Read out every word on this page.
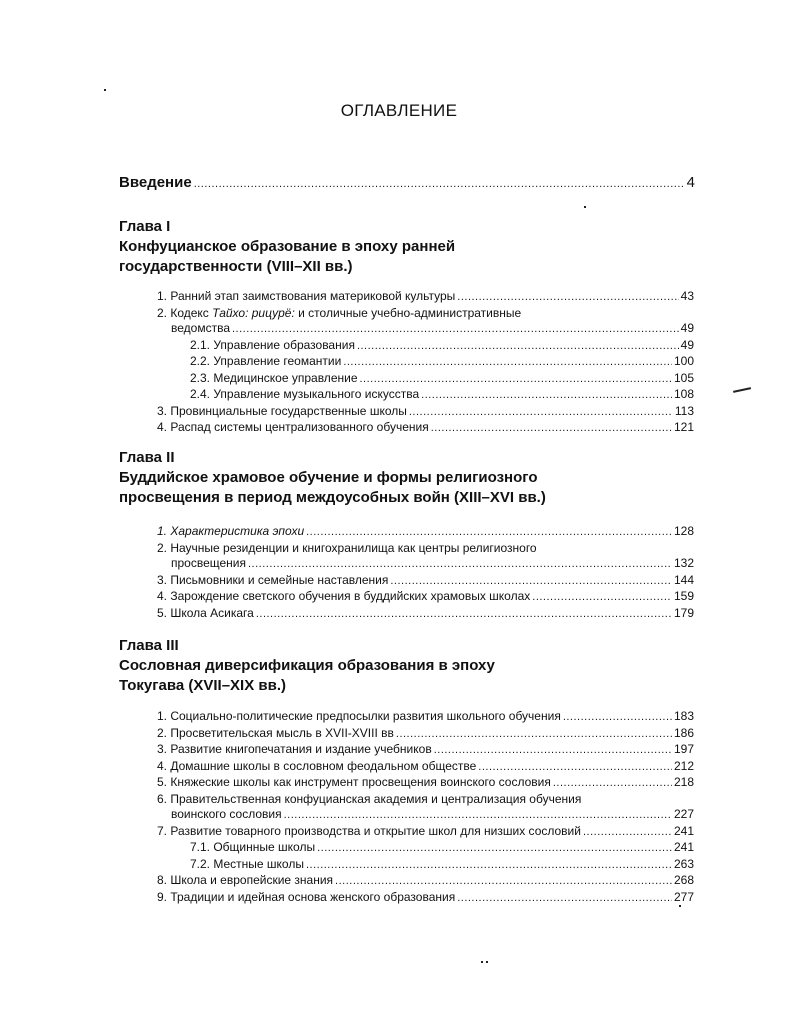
ОГЛАВЛЕНИЕ
Введение .....	4
Глава I
Конфуцианское образование в эпоху ранней
государственности (VIII–XII вв.)
1. Ранний этап заимствования материковой культуры .....	43
2. Кодекс Тайхо: рицурё: и столичные учебно-административные
ведомства .....	49
2.1. Управление образования .....	49
2.2. Управление геомантии .....	100
2.3. Медицинское управление .....	105
2.4. Управление музыкального искусства .....	108
3. Провинциальные государственные школы .....	113
4. Распад системы централизованного обучения .....	121
Глава II
Буддийское храмовое обучение и формы религиозного
просвещения в период междоусобных войн (XIII–XVI вв.)
1. Характеристика эпохи .....	128
2. Научные резиденции и книгохранилища как центры религиозного
просвещения .....	132
3. Письмовники и семейные наставления .....	144
4. Зарождение светского обучения в буддийских храмовых школах .....	159
5. Школа Асикага .....	179
Глава III
Сословная диверсификация образования в эпоху
Токугава (XVII–XIX вв.)
1. Социально-политические предпосылки развития школьного обучения .....	183
2. Просветительская мысль в XVII-XVIII вв .....	186
3. Развитие книгопечатания и издание учебников .....	197
4. Домашние школы в сословном феодальном обществе .....	212
5. Княжеские школы как инструмент просвещения воинского сословия .....	218
6. Правительственная конфуцианская академия и централизация обучения
воинского сословия .....	227
7. Развитие товарного производства и открытие школ для низших сословий .....	241
7.1. Общинные школы .....	241
7.2. Местные школы .....	263
8. Школа и европейские знания .....	268
9. Традиции и идейная основа женского образования .....	277
